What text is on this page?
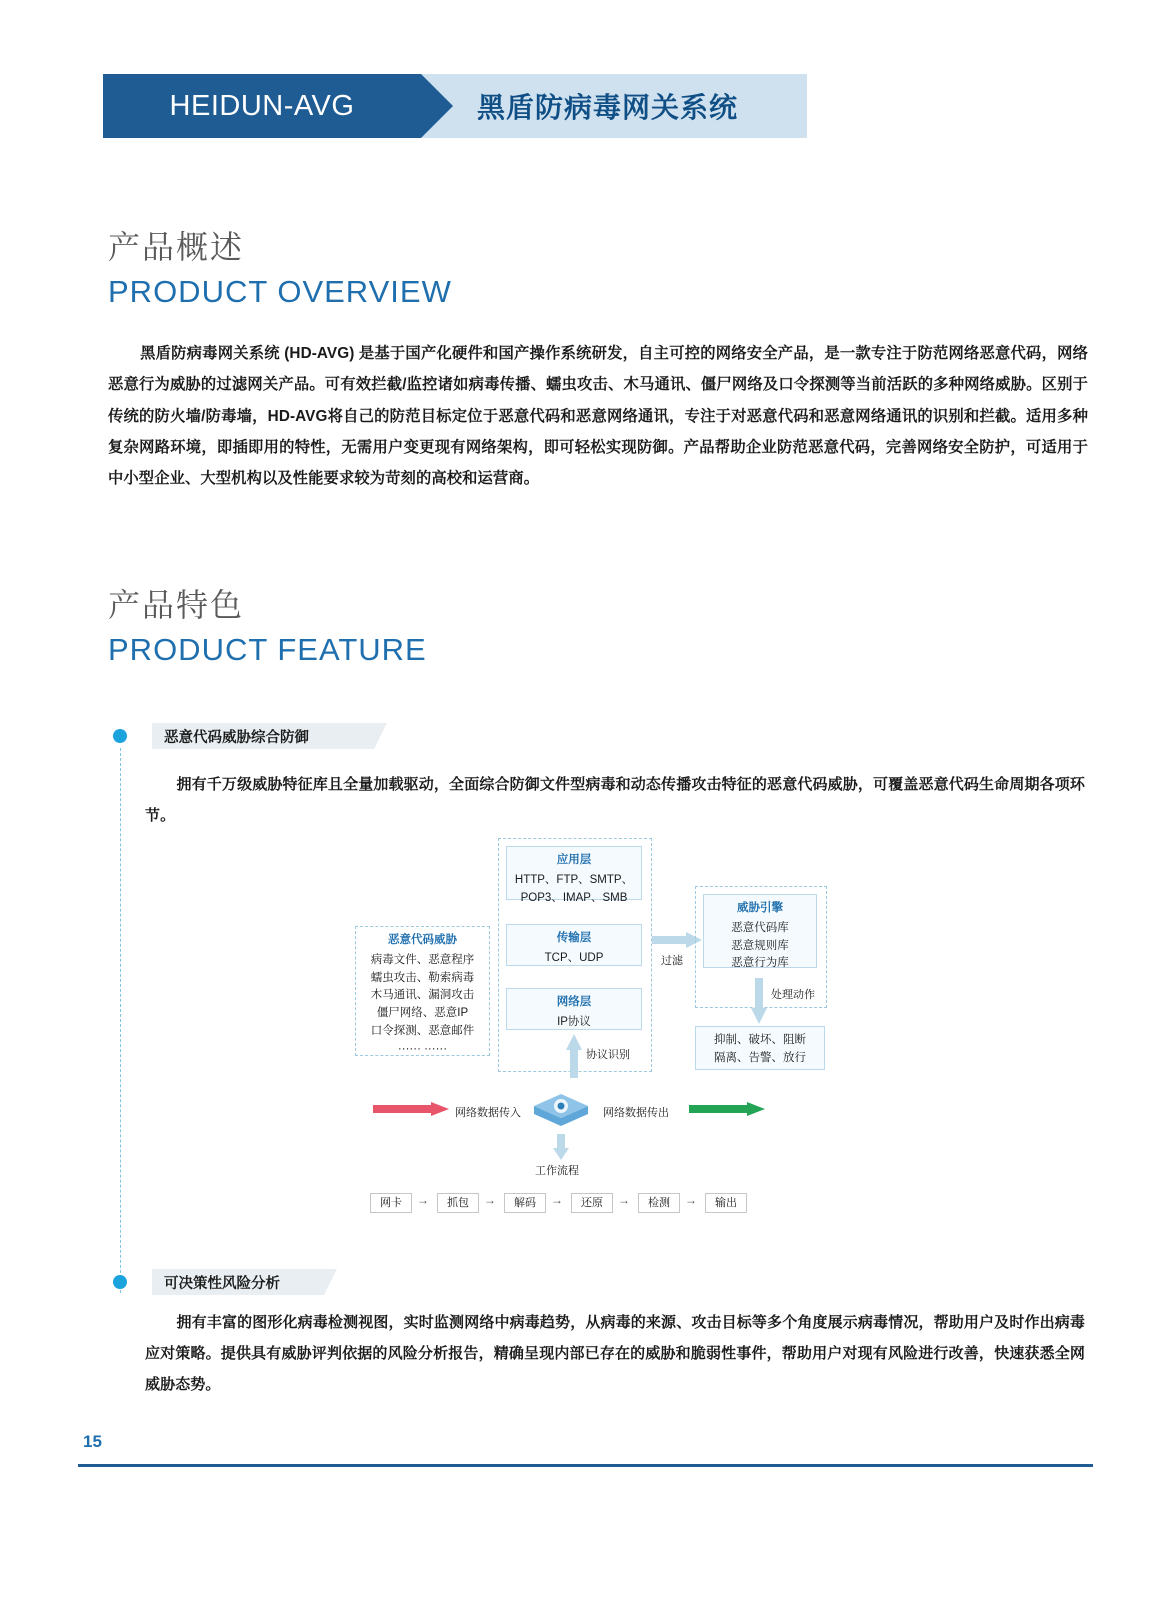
HEIDUN-AVG	黑盾防病毒网关系统

产品概述

PRODUCT OVERVIEW

黑盾防病毒网关系统 (HD-AVG) 是基于国产化硬件和国产操作系统研发，自主可控的网络安全产品，是一款专注于防范网络恶意代码，网络恶意行为威胁的过滤网关产品。可有效拦截/监控诸如病毒传播、蠕虫攻击、木马通讯、僵尸网络及口令探测等当前活跃的多种网络威胁。区别于传统的防火墙/防毒墙，HD-AVG将自己的防范目标定位于恶意代码和恶意网络通讯，专注于对恶意代码和恶意网络通讯的识别和拦截。适用多种复杂网路环境，即插即用的特性，无需用户变更现有网络架构，即可轻松实现防御。产品帮助企业防范恶意代码，完善网络安全防护，可适用于中小型企业、大型机构以及性能要求较为苛刻的高校和运营商。

产品特色

PRODUCT FEATURE

恶意代码威胁综合防御
拥有千万级威胁特征库且全量加载驱动，全面综合防御文件型病毒和动态传播攻击特征的恶意代码威胁，可覆盖恶意代码生命周期各项环节。
恶意代码威胁
病毒文件、恶意程序
蠕虫攻击、勒索病毒
木马通讯、漏洞攻击
僵尸网络、恶意IP
口令探测、恶意邮件
······ ······
应用层
HTTP、FTP、SMTP、
POP3、IMAP、SMB
传输层
TCP、UDP
网络层
IP协议
过滤
威胁引擎
恶意代码库
恶意规则库
恶意行为库
处理动作
抑制、破坏、阻断
隔离、告警、放行
协议识别
网络数据传入	网络数据传出
工作流程
网卡	→	抓包	→	解码	→	还原	→	检测	→	输出
可决策性风险分析
拥有丰富的图形化病毒检测视图，实时监测网络中病毒趋势，从病毒的来源、攻击目标等多个角度展示病毒情况，帮助用户及时作出病毒应对策略。提供具有威胁评判依据的风险分析报告，精确呈现内部已存在的威胁和脆弱性事件，帮助用户对现有风险进行改善，快速获悉全网威胁态势。
15
